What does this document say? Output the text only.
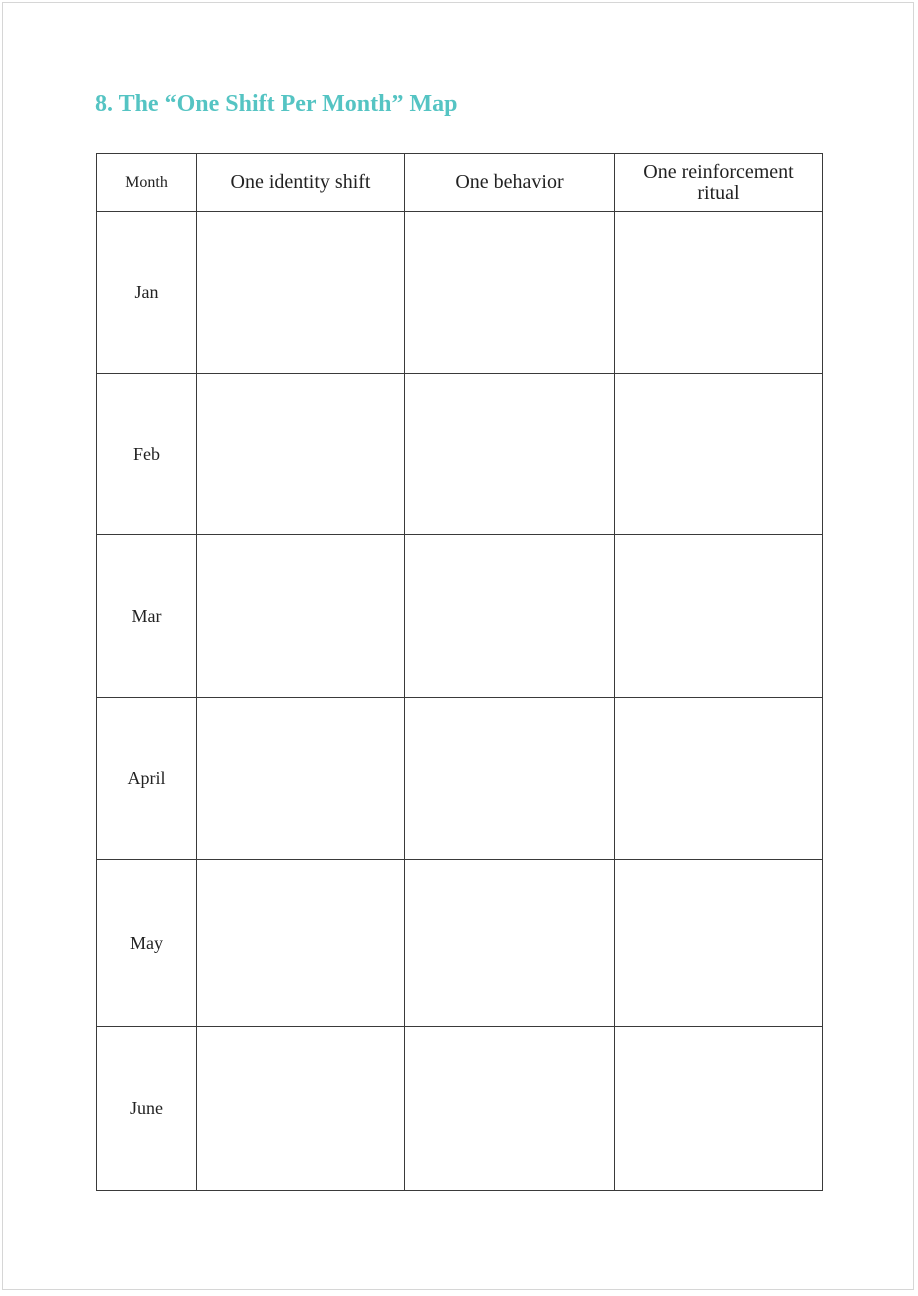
8. The “One Shift Per Month” Map
Month	One identity shift	One behavior	One reinforcement ritual
Jan			
Feb			
Mar			
April			
May			
June			
